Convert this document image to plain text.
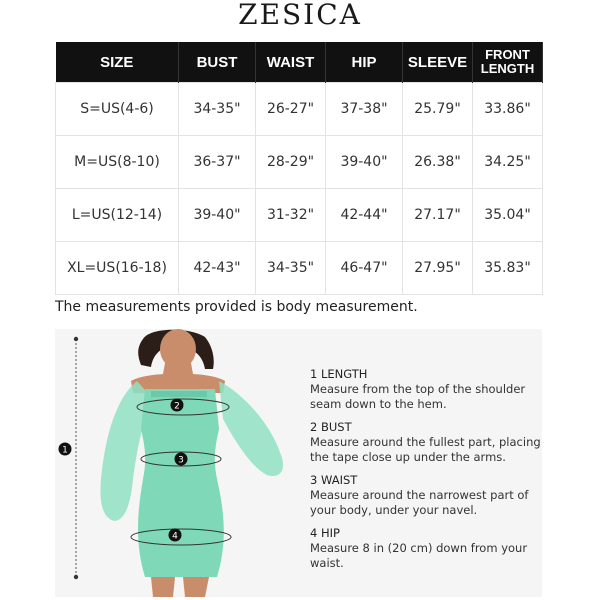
ZESICA
SIZE	BUST	WAIST	HIP	SLEEVE	FRONT
LENGTH
S=US(4-6)	34-35"	26-27"	37-38"	25.79"	33.86"
M=US(8-10)	36-37"	28-29"	39-40"	26.38"	34.25"
L=US(12-14)	39-40"	31-32"	42-44"	27.17"	35.04"
XL=US(16-18)	42-43"	34-35"	46-47"	27.95"	35.83"
The measurements provided is body measurement.
1
2
3
4
1 LENGTH
Measure from the top of the shoulder seam down to the hem.
2 BUST
Measure around the fullest part, placing the tape close up under the arms.
3 WAIST
Measure around the narrowest part of your body, under your navel.
4 HIP
Measure 8 in (20 cm) down from your waist.
